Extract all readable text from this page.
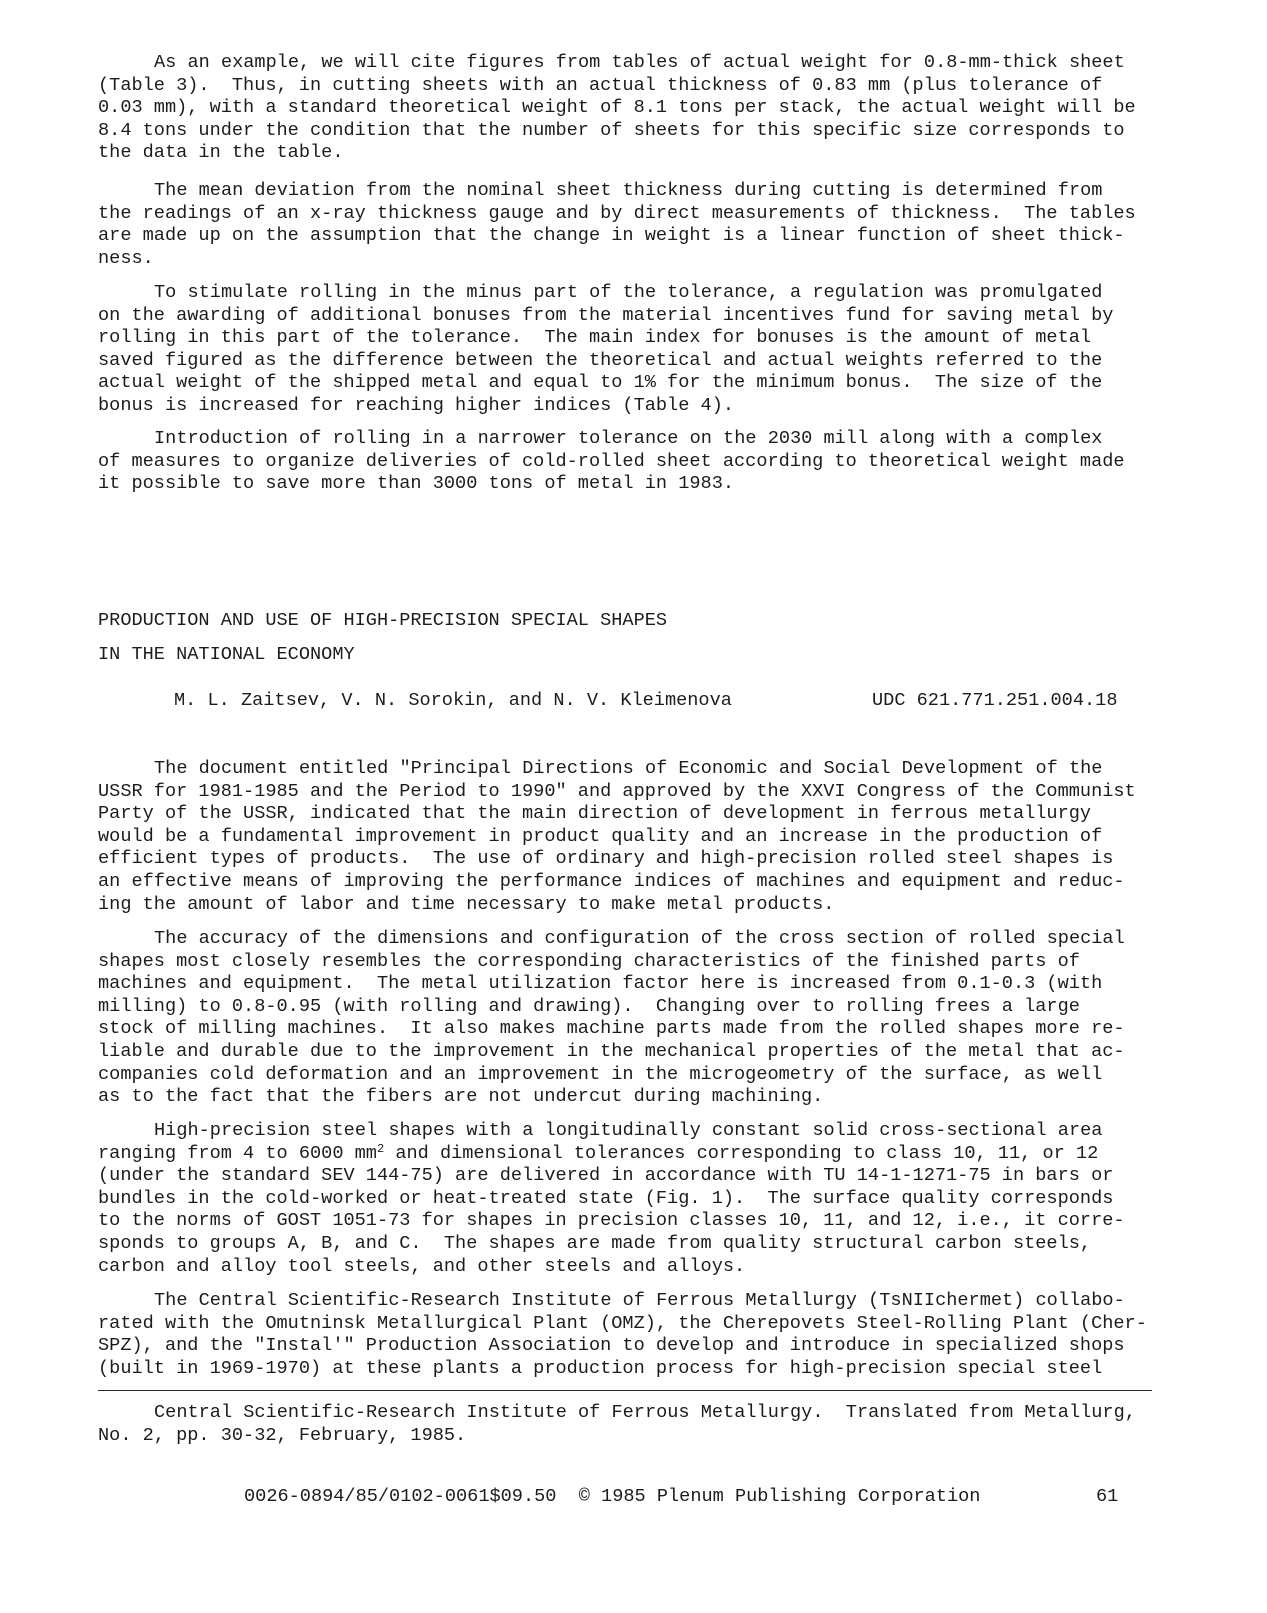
As an example, we will cite figures from tables of actual weight for 0.8-mm-thick sheet
(Table 3).  Thus, in cutting sheets with an actual thickness of 0.83 mm (plus tolerance of
0.03 mm), with a standard theoretical weight of 8.1 tons per stack, the actual weight will be
8.4 tons under the condition that the number of sheets for this specific size corresponds to
the data in the table.
The mean deviation from the nominal sheet thickness during cutting is determined from
the readings of an x-ray thickness gauge and by direct measurements of thickness.  The tables
are made up on the assumption that the change in weight is a linear function of sheet thick-
ness.
To stimulate rolling in the minus part of the tolerance, a regulation was promulgated
on the awarding of additional bonuses from the material incentives fund for saving metal by
rolling in this part of the tolerance.  The main index for bonuses is the amount of metal
saved figured as the difference between the theoretical and actual weights referred to the
actual weight of the shipped metal and equal to 1% for the minimum bonus.  The size of the
bonus is increased for reaching higher indices (Table 4).
Introduction of rolling in a narrower tolerance on the 2030 mill along with a complex
of measures to organize deliveries of cold-rolled sheet according to theoretical weight made
it possible to save more than 3000 tons of metal in 1983.
PRODUCTION AND USE OF HIGH-PRECISION SPECIAL SHAPES
IN THE NATIONAL ECONOMY
M. L. Zaitsev, V. N. Sorokin, and N. V. Kleimenova	UDC 621.771.251.004.18
The document entitled "Principal Directions of Economic and Social Development of the
USSR for 1981-1985 and the Period to 1990" and approved by the XXVI Congress of the Communist
Party of the USSR, indicated that the main direction of development in ferrous metallurgy
would be a fundamental improvement in product quality and an increase in the production of
efficient types of products.  The use of ordinary and high-precision rolled steel shapes is
an effective means of improving the performance indices of machines and equipment and reduc-
ing the amount of labor and time necessary to make metal products.
The accuracy of the dimensions and configuration of the cross section of rolled special
shapes most closely resembles the corresponding characteristics of the finished parts of
machines and equipment.  The metal utilization factor here is increased from 0.1-0.3 (with
milling) to 0.8-0.95 (with rolling and drawing).  Changing over to rolling frees a large
stock of milling machines.  It also makes machine parts made from the rolled shapes more re-
liable and durable due to the improvement in the mechanical properties of the metal that ac-
companies cold deformation and an improvement in the microgeometry of the surface, as well
as to the fact that the fibers are not undercut during machining.
High-precision steel shapes with a longitudinally constant solid cross-sectional area
ranging from 4 to 6000 $mm^2$ and dimensional tolerances corresponding to class 10, 11, or 12
(under the standard SEV 144-75) are delivered in accordance with TU 14-1-1271-75 in bars or
bundles in the cold-worked or heat-treated state (Fig. 1).  The surface quality corresponds
to the norms of GOST 1051-73 for shapes in precision classes 10, 11, and 12, i.e., it corre-
sponds to groups A, B, and C.  The shapes are made from quality structural carbon steels,
carbon and alloy tool steels, and other steels and alloys.
The Central Scientific-Research Institute of Ferrous Metallurgy (TsNIIchermet) collabo-
rated with the Omutninsk Metallurgical Plant (OMZ), the Cherepovets Steel-Rolling Plant (Cher-
SPZ), and the "Instal'" Production Association to develop and introduce in specialized shops
(built in 1969-1970) at these plants a production process for high-precision special steel
Central Scientific-Research Institute of Ferrous Metallurgy.  Translated from Metallurg,
No. 2, pp. 30-32, February, 1985.
0026-0894/85/0102-0061$09.50  © 1985 Plenum Publishing Corporation	61
